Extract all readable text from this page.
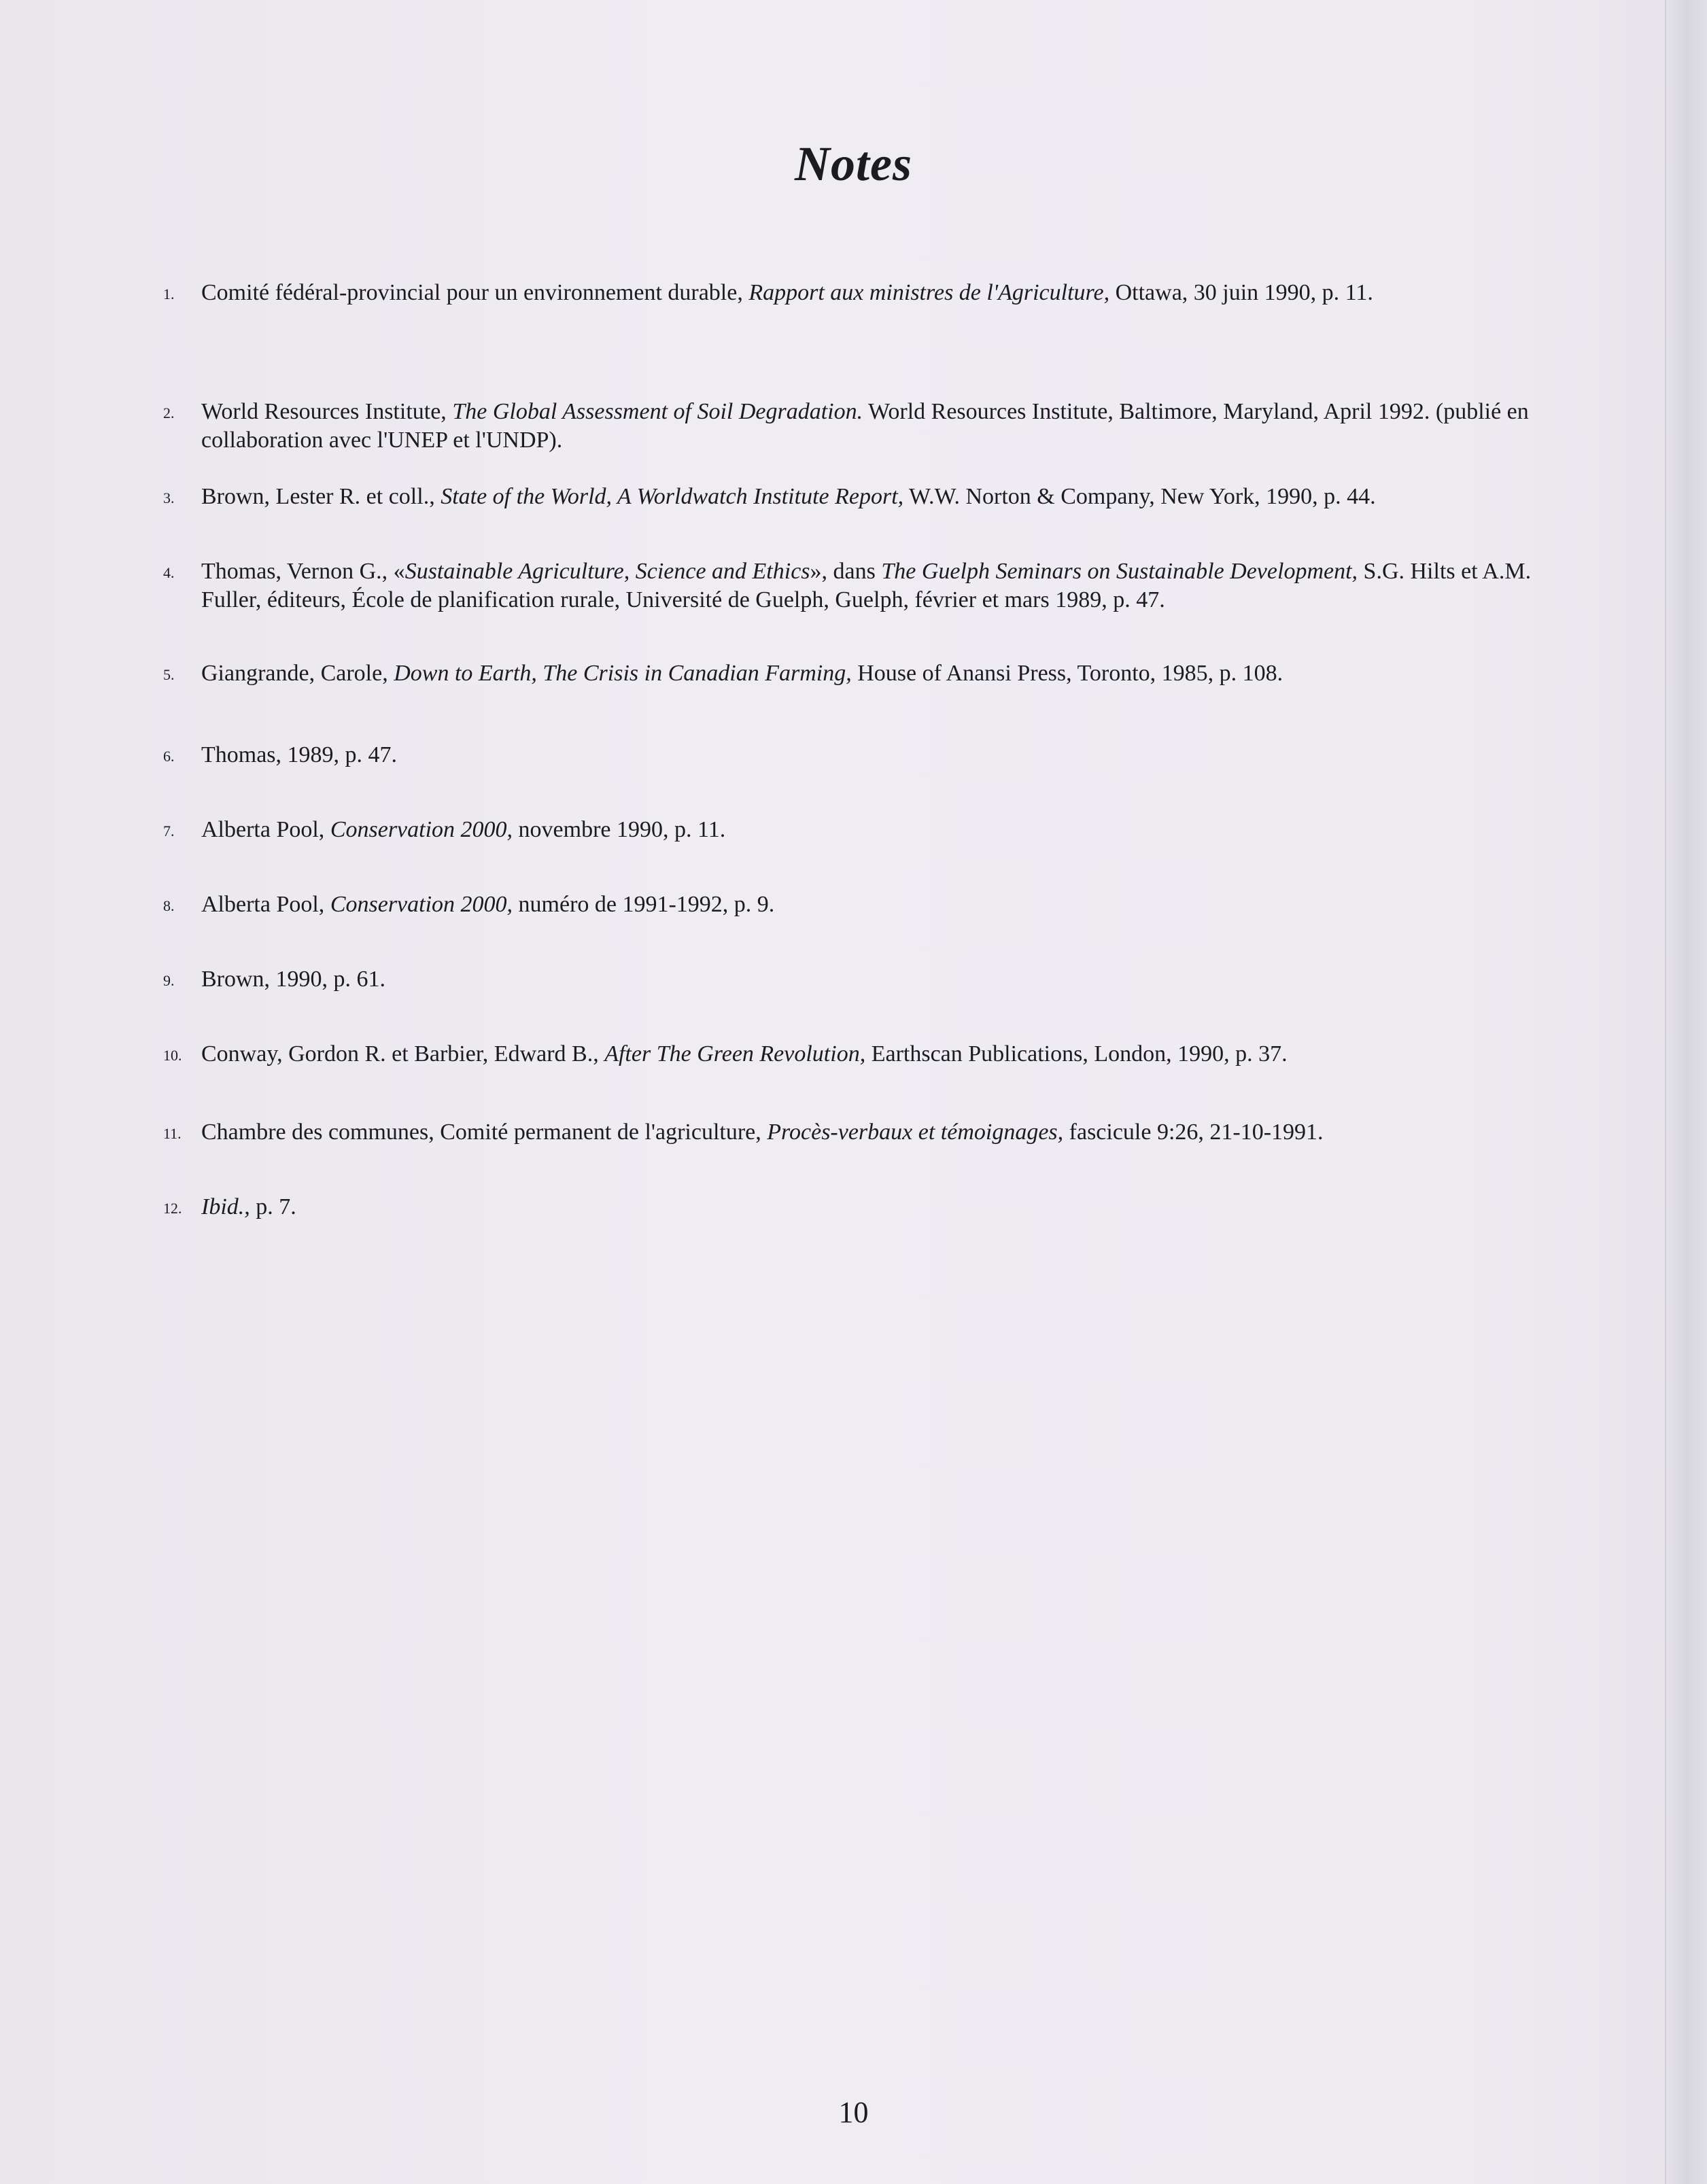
Notes
1.	Comité fédéral-provincial pour un environnement durable, Rapport aux ministres de l'Agriculture, Ottawa, 30 juin 1990, p. 11.
2.	World Resources Institute, The Global Assessment of Soil Degradation. World Resources Institute, Baltimore, Maryland, April 1992. (publié en collaboration avec l'UNEP et l'UNDP).
3.	Brown, Lester R. et coll., State of the World, A Worldwatch Institute Report, W.W. Norton & Company, New York, 1990, p. 44.
4.	Thomas, Vernon G., «Sustainable Agriculture, Science and Ethics», dans The Guelph Seminars on Sustainable Development, S.G. Hilts et A.M. Fuller, éditeurs, École de planification rurale, Université de Guelph, Guelph, février et mars 1989, p. 47.
5.	Giangrande, Carole, Down to Earth, The Crisis in Canadian Farming, House of Anansi Press, Toronto, 1985, p. 108.
6.	Thomas, 1989, p. 47.
7.	Alberta Pool, Conservation 2000, novembre 1990, p. 11.
8.	Alberta Pool, Conservation 2000, numéro de 1991-1992, p. 9.
9.	Brown, 1990, p. 61.
10. Conway, Gordon R. et Barbier, Edward B., After The Green Revolution, Earthscan Publications, London, 1990, p. 37.
11. Chambre des communes, Comité permanent de l'agriculture, Procès-verbaux et témoignages, fascicule 9:26, 21-10-1991.
12. Ibid., p. 7.
10
